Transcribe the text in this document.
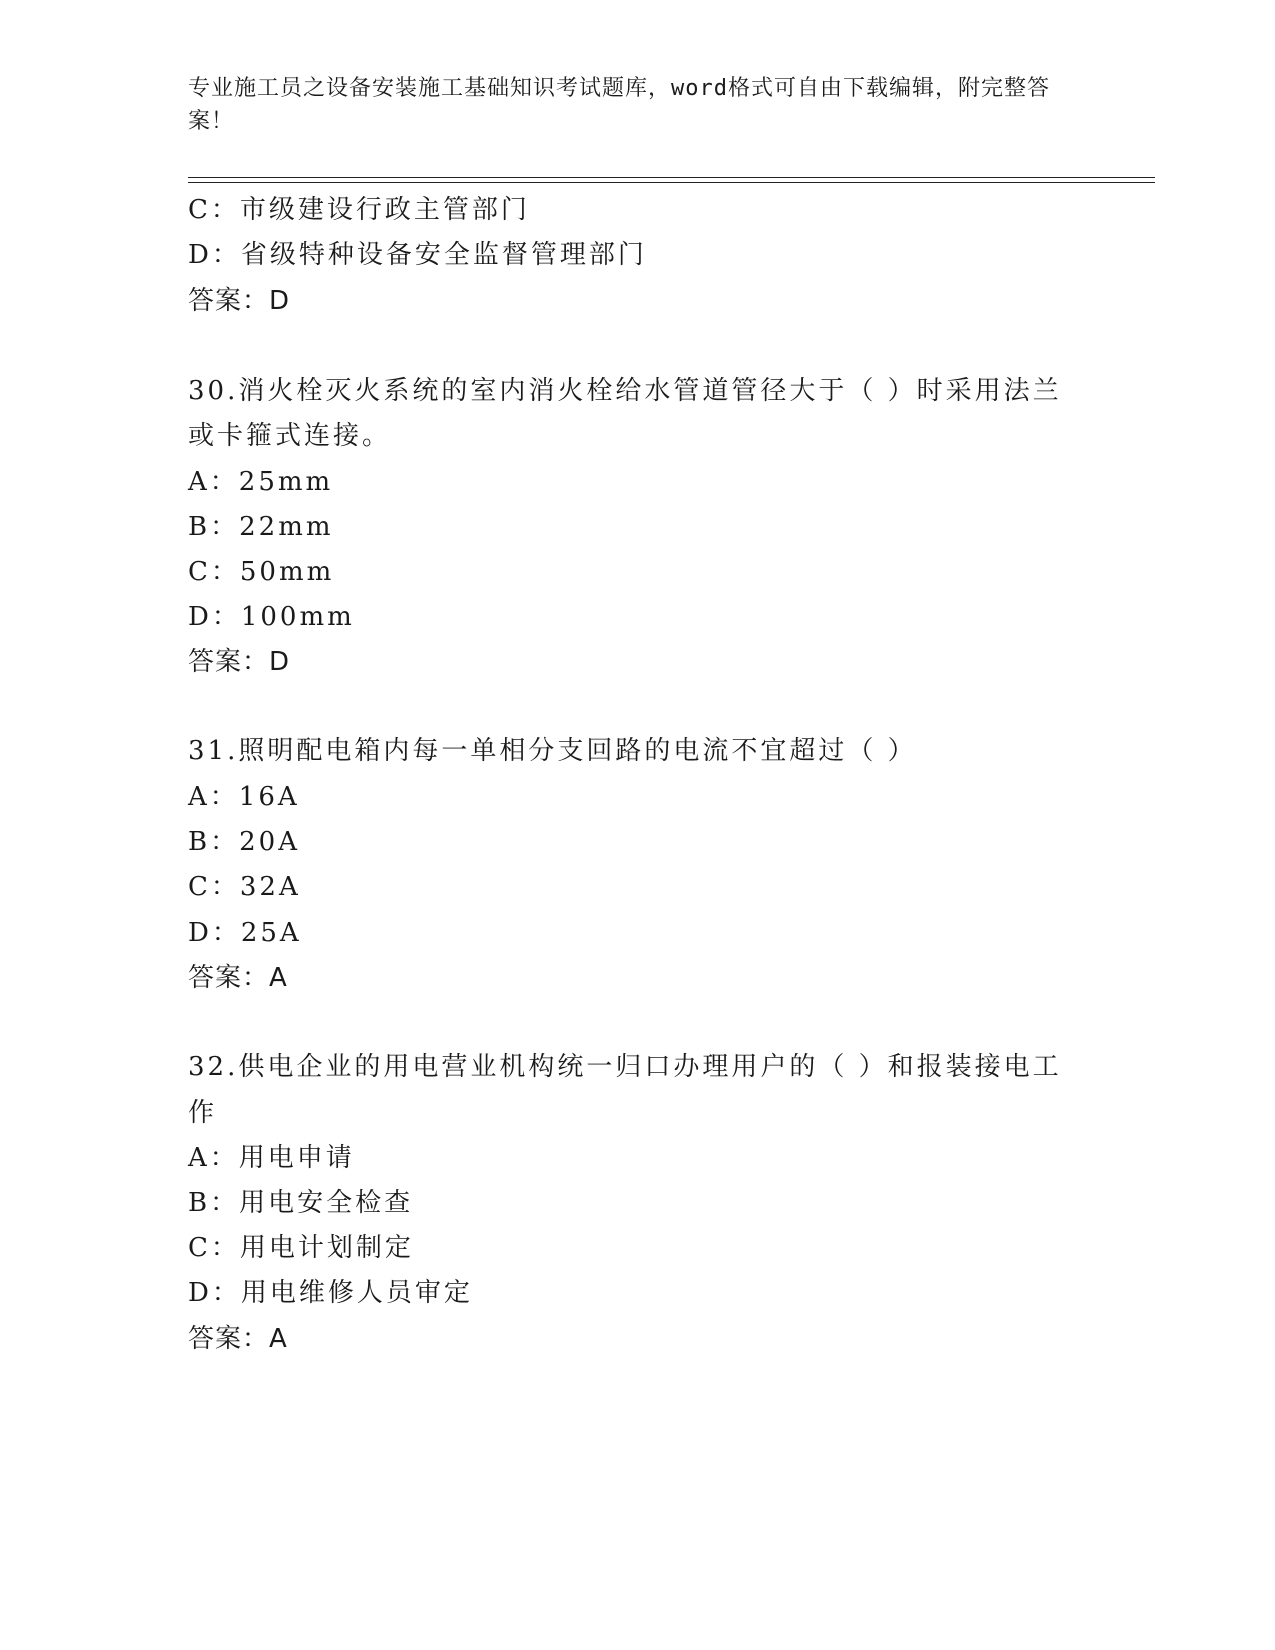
专业施工员之设备安装施工基础知识考试题库，word格式可自由下载编辑，附完整答案！
C：市级建设行政主管部门
D：省级特种设备安全监督管理部门
答案：D
30.消火栓灭火系统的室内消火栓给水管道管径大于（ ）时采用法兰
或卡箍式连接。
A：25mm
B：22mm
C：50mm
D：100mm
答案：D
31.照明配电箱内每一单相分支回路的电流不宜超过（ ）
A：16A
B：20A
C：32A
D：25A
答案：A
32.供电企业的用电营业机构统一归口办理用户的（ ）和报装接电工
作
A：用电申请
B：用电安全检查
C：用电计划制定
D：用电维修人员审定
答案：A
